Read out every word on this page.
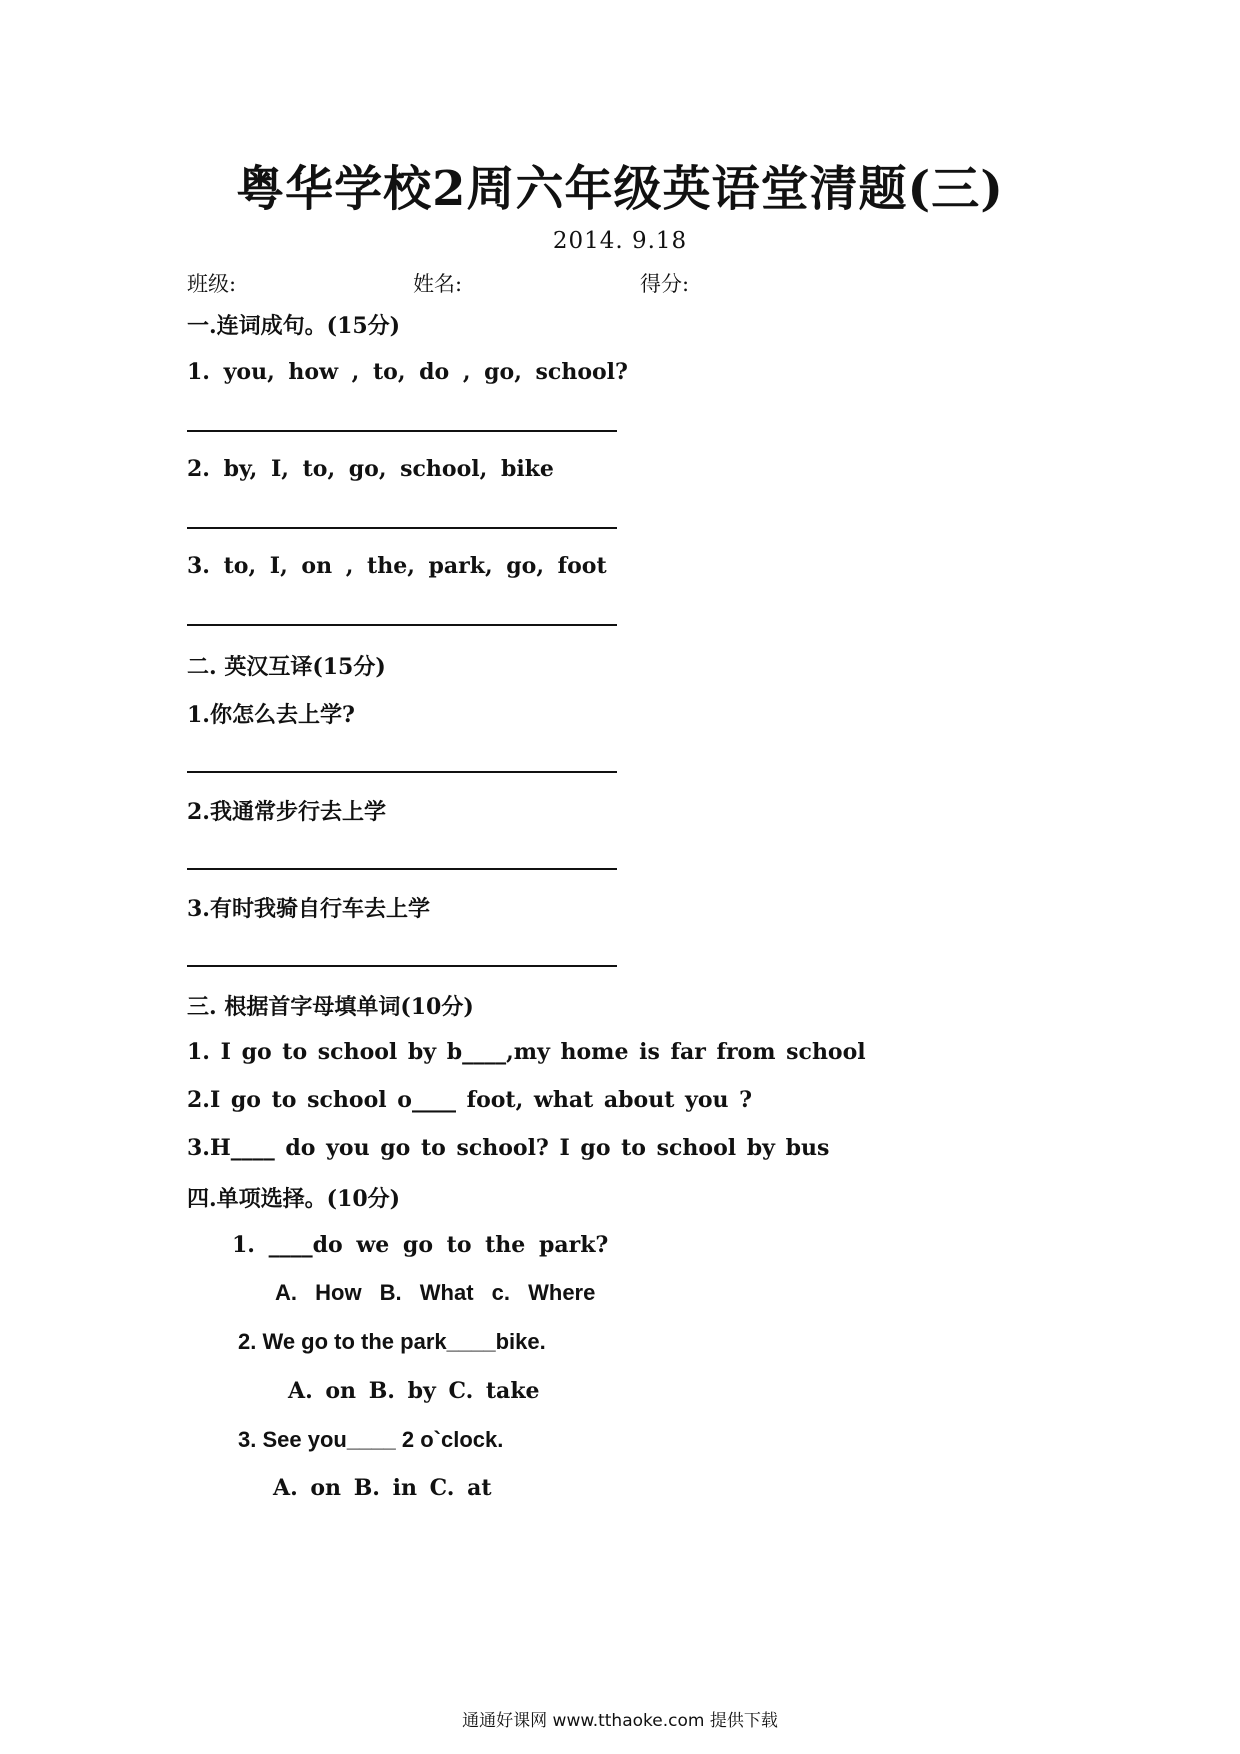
粤华学校2周六年级英语堂清题(三)
2014. 9.18
班级:	姓名:	得分:
一.连词成句。(15分)
1. you, how , to, do , go, school?
2. by, I, to, go, school, bike
3. to, I, on , the, park, go, foot
二. 英汉互译(15分)
1.你怎么去上学?
2.我通常步行去上学
3.有时我骑自行车去上学
三. 根据首字母填单词(10分)
1. I go to school by b____,my home is far from school
2.I go to school o____ foot, what about you ?
3.H____ do you go to school? I go to school by bus
四.单项选择。(10分)
1. ____do we go to the park?
A. How B. What c. Where
2. We go to the park____bike.
A. on B. by C. take
3. See you____ 2 o`clock.
A. on B. in C. at
通通好课网 www.tthaoke.com 提供下载
